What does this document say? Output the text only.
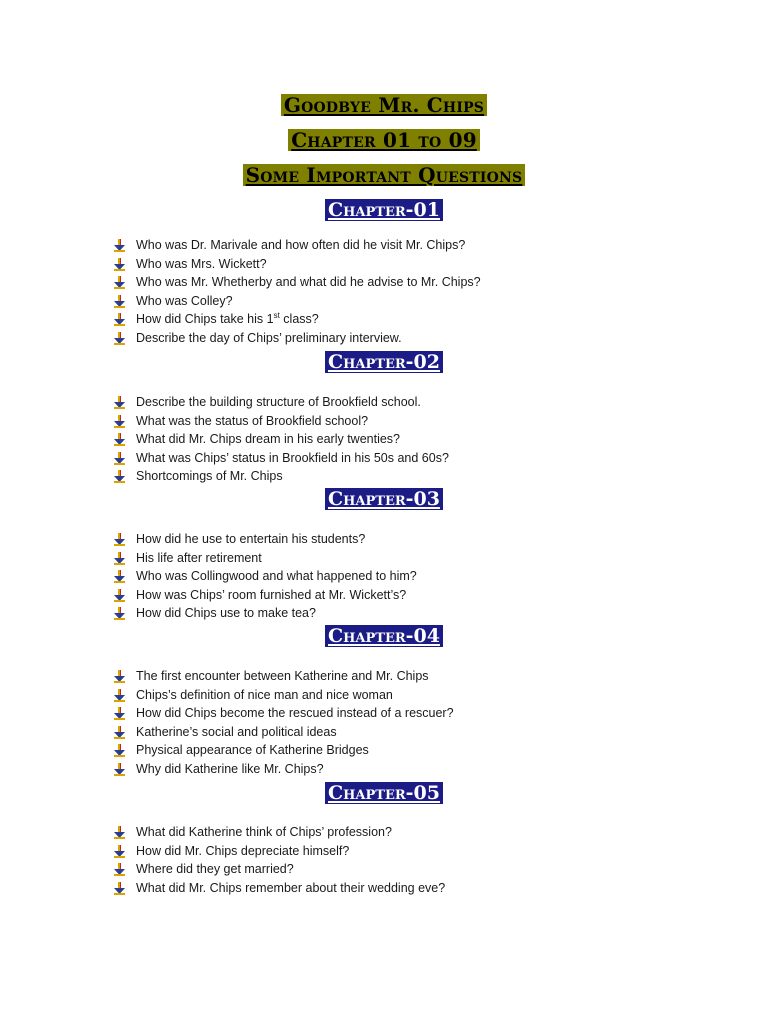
Goodbye Mr. Chips
Chapter 01 to 09
Some Important Questions
Chapter-01
Who was Dr. Marivale and how often did he visit Mr. Chips?
Who was Mrs. Wickett?
Who was Mr. Whetherby and what did he advise to Mr. Chips?
Who was Colley?
How did Chips take his 1st class?
Describe the day of Chips’ preliminary interview.
Chapter-02
Describe the building structure of Brookfield school.
What was the status of Brookfield school?
What did Mr. Chips dream in his early twenties?
What was Chips’ status in Brookfield in his 50s and 60s?
Shortcomings of Mr. Chips
Chapter-03
How did he use to entertain his students?
His life after retirement
Who was Collingwood and what happened to him?
How was Chips’ room furnished at Mr. Wickett’s?
How did Chips use to make tea?
Chapter-04
The first encounter between Katherine and Mr. Chips
Chips’s definition of nice man and nice woman
How did Chips become the rescued instead of a rescuer?
Katherine’s social and political ideas
Physical appearance of Katherine Bridges
Why did Katherine like Mr. Chips?
Chapter-05
What did Katherine think of Chips’ profession?
How did Mr. Chips depreciate himself?
Where did they get married?
What did Mr. Chips remember about their wedding eve?
